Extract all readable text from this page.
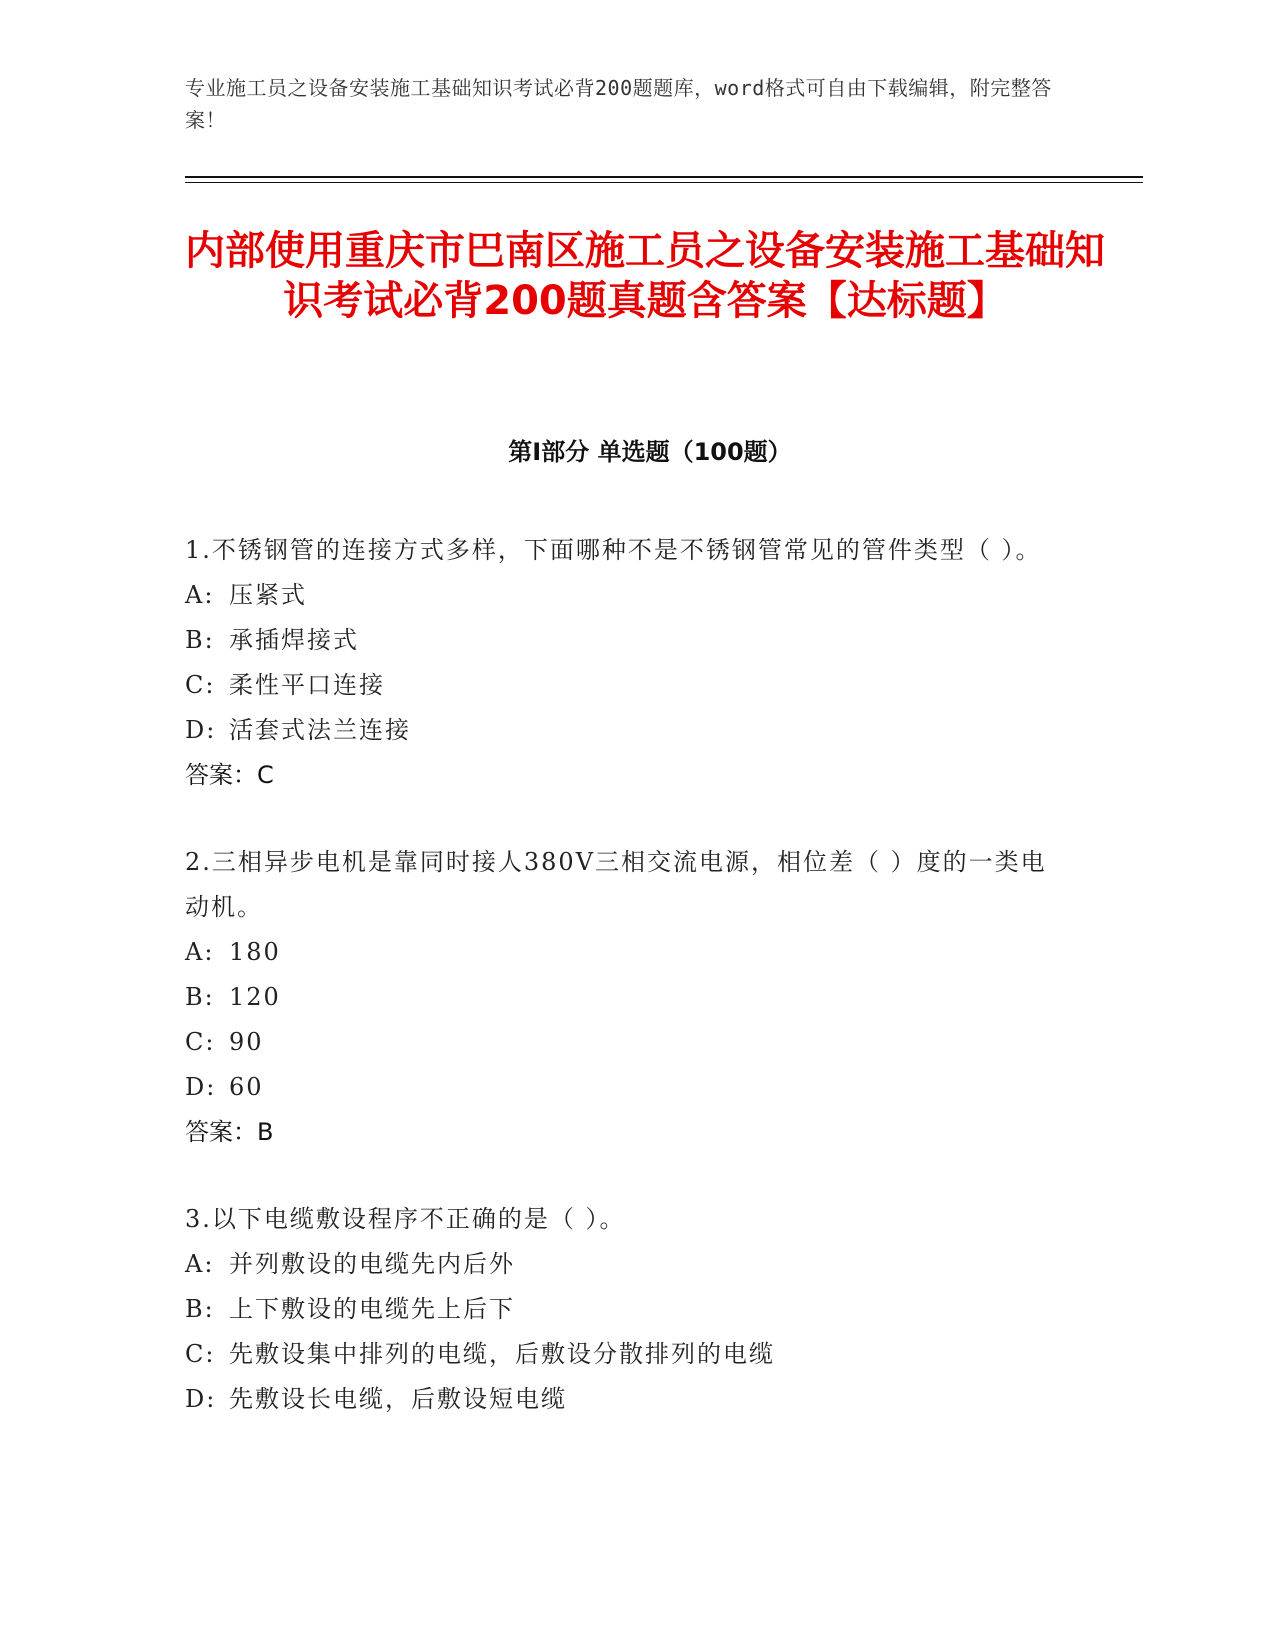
专业施工员之设备安装施工基础知识考试必背200题题库，word格式可自由下载编辑，附完整答案！
内部使用重庆市巴南区施工员之设备安装施工基础知识考试必背200题真题含答案【达标题】
第Ⅰ部分 单选题（100题）

1.不锈钢管的连接方式多样，下面哪种不是不锈钢管常见的管件类型（ ）。

A: 压紧式

B: 承插焊接式

C: 柔性平口连接

D: 活套式法兰连接

答案：C

2.三相异步电机是靠同时接人380V三相交流电源，相位差（ ）度的一类电动机。

A: 180

B: 120

C: 90

D: 60

答案：B

3.以下电缆敷设程序不正确的是（ ）。

A: 并列敷设的电缆先内后外

B: 上下敷设的电缆先上后下

C: 先敷设集中排列的电缆，后敷设分散排列的电缆

D: 先敷设长电缆，后敷设短电缆
